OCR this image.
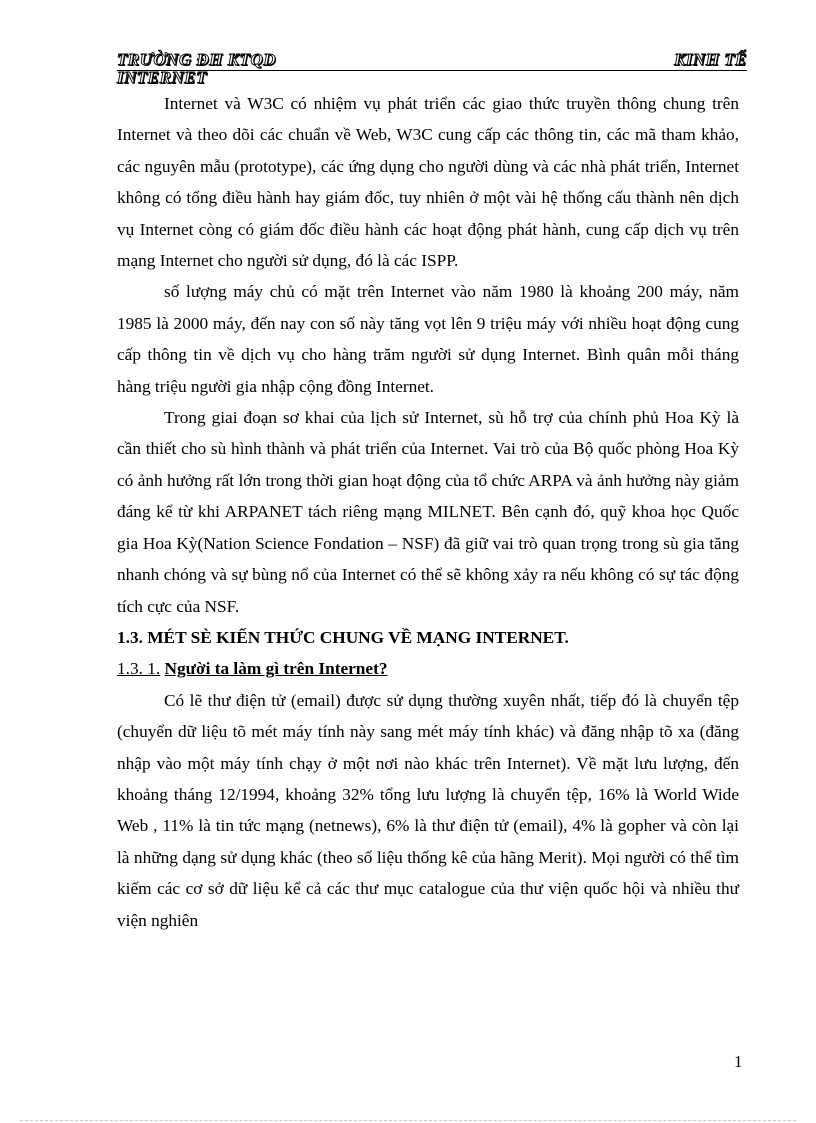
TRƯỜNG ĐH KTQD	KINH TẾ
INTERNET

Internet và W3C có nhiệm vụ phát triển các giao thức truyền thông chung trên Internet và theo dõi các chuẩn về Web, W3C cung cấp các thông tin, các mã tham khảo, các nguyên mẫu (prototype), các ứng dụng cho người dùng và các nhà phát triển, Internet không có tổng điều hành hay giám đốc, tuy nhiên ở một vài hệ thống cấu thành nên dịch vụ Internet còng có giám đốc điều hành các hoạt động phát hành, cung cấp dịch vụ trên mạng Internet cho người sử dụng, đó là các ISPP.

số lượng máy chủ có mặt trên Internet vào năm 1980 là khoảng 200 máy, năm 1985 là 2000 máy, đến nay con số này tăng vọt lên 9 triệu máy với nhiều hoạt động cung cấp thông tin về dịch vụ cho hàng trăm người sử dụng Internet. Bình quân mỗi tháng hàng triệu người gia nhập cộng đồng Internet.

Trong giai đoạn sơ khai của lịch sử Internet, sù hỗ trợ của chính phủ Hoa Kỳ là cần thiết cho sù hình thành và phát triển của Internet. Vai trò của Bộ quốc phòng Hoa Kỳ có ảnh hưởng rất lớn trong thời gian hoạt động của tổ chức ARPA và ảnh hưởng này giảm đáng kể từ khi ARPANET tách riêng mạng MILNET. Bên cạnh đó, quỹ khoa học Quốc gia Hoa Kỳ(Nation Science Fondation – NSF) đã giữ vai trò quan trọng trong sù gia tăng nhanh chóng và sự bùng nổ của Internet có thể sẽ không xảy ra nếu không có sự tác động tích cực của NSF.

1.3. MÉT SÈ KIẾN THỨC CHUNG VỀ MẠNG INTERNET.

1.3. 1. Người ta làm gì trên Internet?

Có lẽ thư điện tử (email) được sử dụng thường xuyên nhất, tiếp đó là chuyển tệp (chuyển dữ liệu tõ mét máy tính này sang mét máy tính khác) và đăng nhập tõ xa (đăng nhập vào một máy tính chạy ở một nơi nào khác trên Internet). Về mặt lưu lượng, đến khoảng tháng 12/1994, khoảng 32% tổng lưu lượng là chuyển tệp, 16% là World Wide Web , 11% là tin tức mạng (netnews), 6% là thư điện tử (email), 4% là gopher và còn lại là những dạng sử dụng khác (theo số liệu thống kê của hãng Merit). Mọi người có thể tìm kiếm các cơ sở dữ liệu kể cả các thư mục catalogue của thư viện quốc hội và nhiều thư viện nghiên

1
